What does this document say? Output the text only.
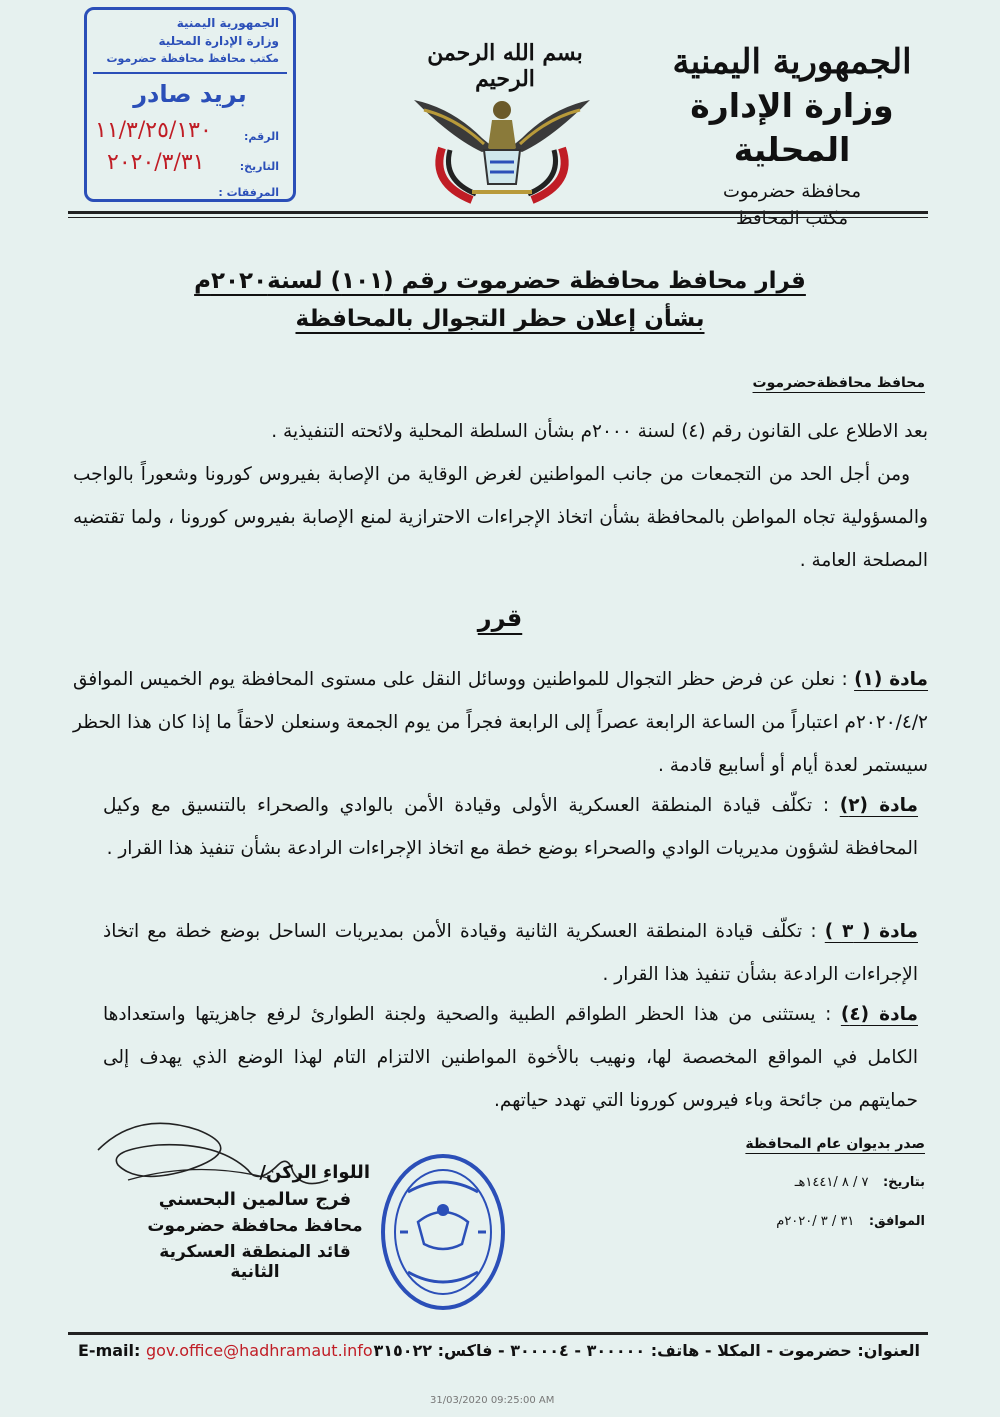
الجمهورية اليمنية
وزارة الإدارة المحلية
محافظة حضرموت
مكتب المحافظ
بسم الله الرحمن الرحيم
الجمهورية اليمنية
وزارة الإدارة المحلية
مكتب محافظ محافظة حضرموت
بريد صادر
الرقم:
١١/٣/٢٥/١٣٠
التاريخ:
٢٠٢٠/٣/٣١
المرفقات :
قرار محافظ محافظة حضرموت رقم (١٠١) لسنة٢٠٢٠م
بشأن إعلان حظر التجوال بالمحافظة
محافظ محافظةحضرموت
بعد الاطلاع على القانون رقم (٤) لسنة ٢٠٠٠م بشأن السلطة المحلية ولائحته التنفيذية .
ومن أجل الحد من التجمعات من جانب المواطنين لغرض الوقاية من الإصابة بفيروس كورونا وشعوراً بالواجب والمسؤولية تجاه المواطن بالمحافظة بشأن اتخاذ الإجراءات الاحترازية لمنع الإصابة بفيروس كورونا ، ولما تقتضيه المصلحة العامة .
قرر
مادة (١) : نعلن عن فرض حظر التجوال للمواطنين ووسائل النقل على مستوى المحافظة يوم الخميس الموافق ٢٠٢٠/٤/٢م اعتباراً من الساعة الرابعة عصراً إلى الرابعة فجراً من يوم الجمعة وسنعلن لاحقاً ما إذا كان هذا الحظر سيستمر لعدة أيام أو أسابيع قادمة .
مادة (٢) : تكلّف قيادة المنطقة العسكرية الأولى وقيادة الأمن بالوادي والصحراء بالتنسيق مع وكيل المحافظة لشؤون مديريات الوادي والصحراء بوضع خطة مع اتخاذ الإجراءات الرادعة بشأن تنفيذ هذا القرار .
مادة ( ٣ ) : تكلّف قيادة المنطقة العسكرية الثانية وقيادة الأمن بمديريات الساحل بوضع خطة مع اتخاذ الإجراءات الرادعة بشأن تنفيذ هذا القرار .
مادة (٤) : يستثنى من هذا الحظر الطواقم الطبية والصحية ولجنة الطوارئ لرفع جاهزيتها واستعدادها الكامل في المواقع المخصصة لها، ونهيب بالأخوة المواطنين الالتزام التام لهذا الوضع الذي يهدف إلى حمايتهم من جائحة وباء فيروس كورونا التي تهدد حياتهم.
صدر بديوان عام المحافظة
بتاريخ: ٧ / ٨ /١٤٤١هـ
الموافق: ٣١ / ٣ /٢٠٢٠م
اللواء الركن/
فرج سالمين البحسني
محافظ محافظة حضرموت
قائد المنطقة العسكرية الثانية
E-mail: gov.office@hadhramaut.info العنوان: حضرموت - المكلا - هاتف: ٣٠٠٠٠٠ - ٣٠٠٠٠٤ - فاكس: ٣١٥٠٢٢
31/03/2020 09:25:00 AM
